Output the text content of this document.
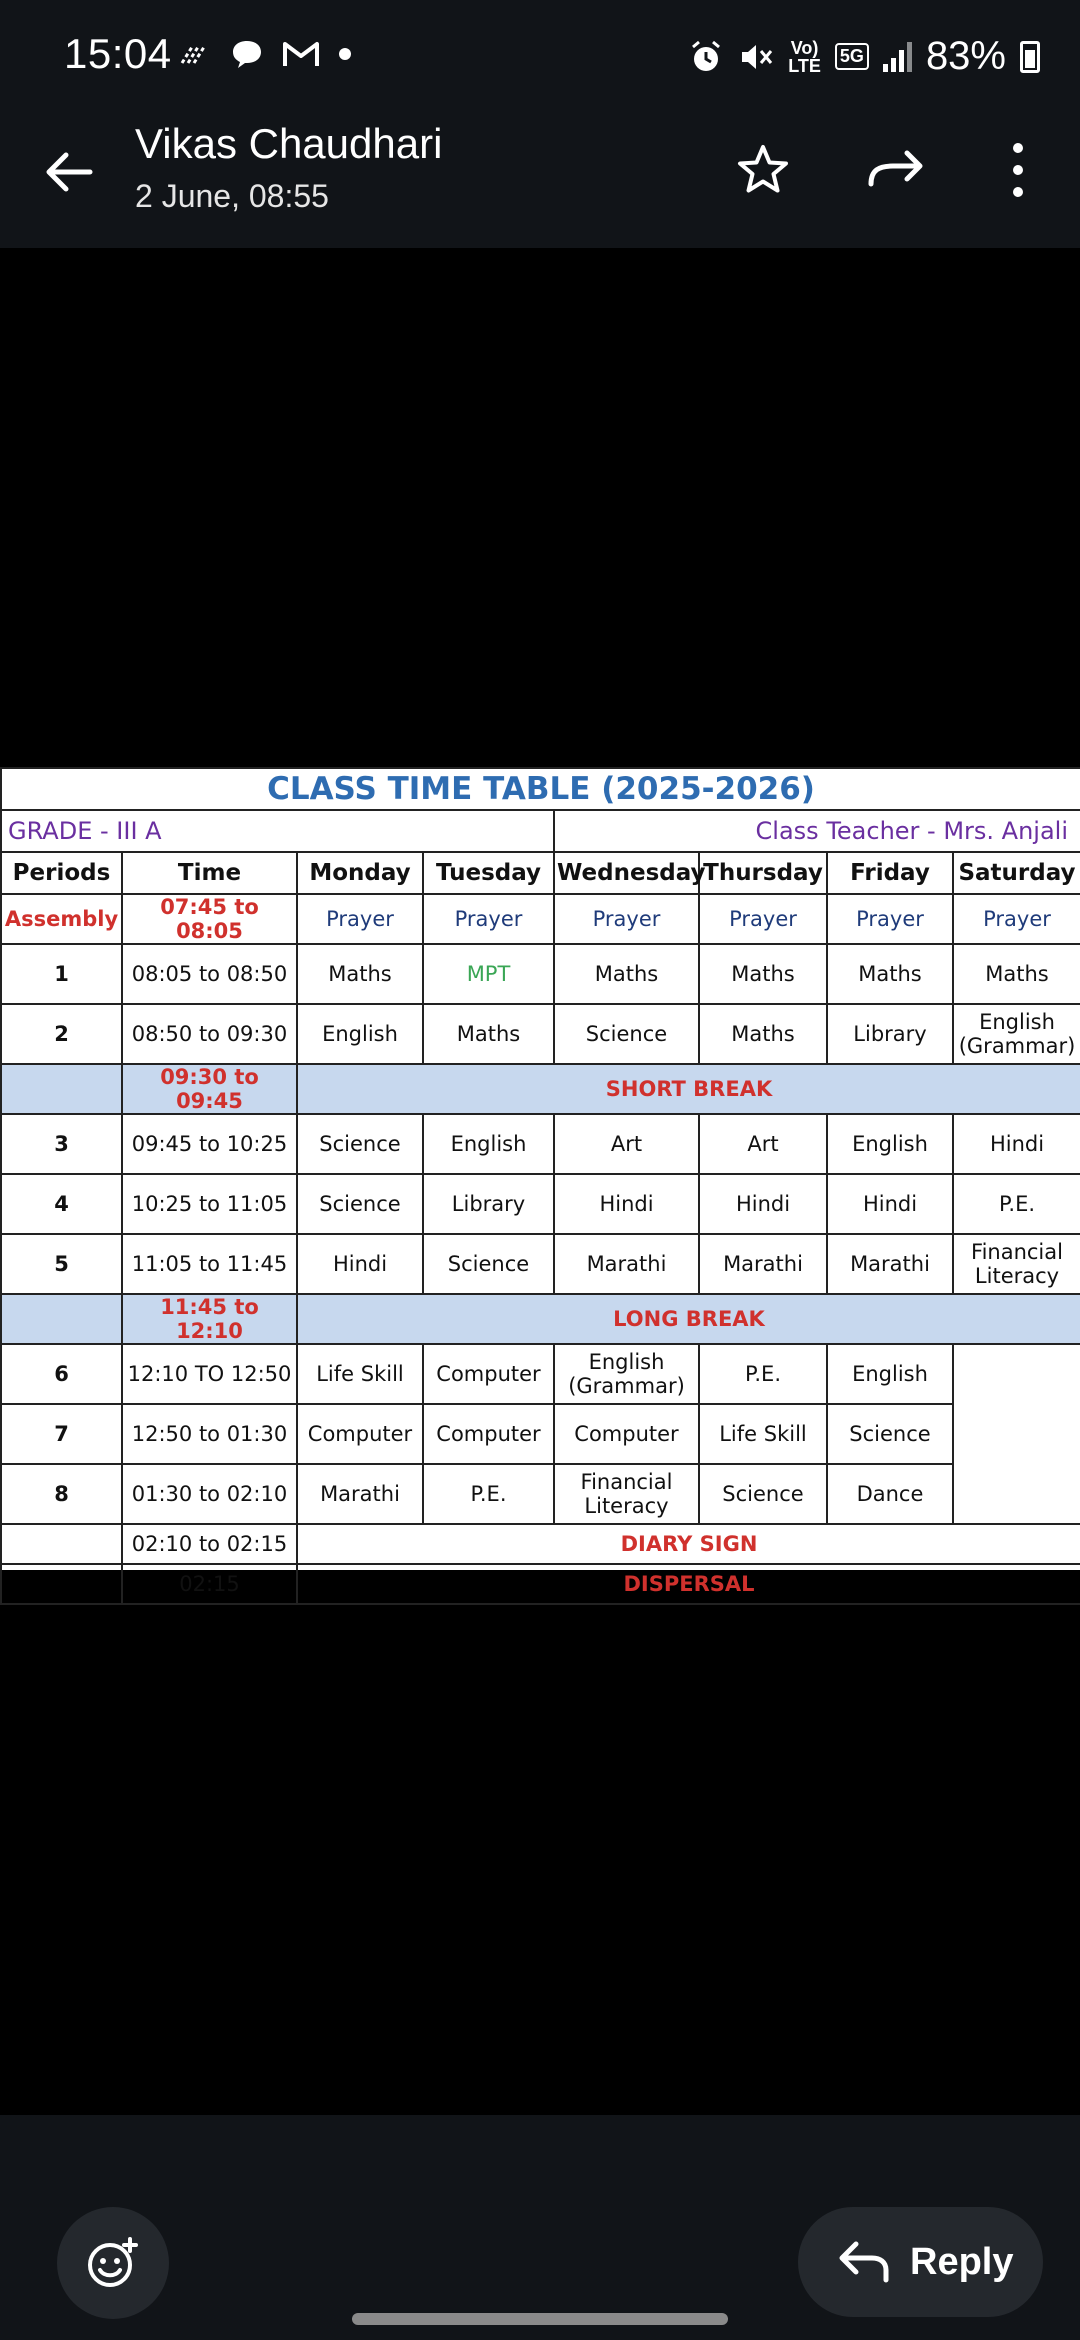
15:04	Vo)
LTE 5G 83%
Vikas Chaudhari
2 June, 08:55
CLASS TIME TABLE (2025-2026)							
GRADE - III A				Class Teacher - Mrs. Anjali			
Periods	Time	Monday	Tuesday	Wednesday	Thursday	Friday	Saturday
Assembly	07:45 to 08:05	Prayer	Prayer	Prayer	Prayer	Prayer	Prayer
1	08:05 to 08:50	Maths	MPT	Maths	Maths	Maths	Maths
2	08:50 to 09:30	English	Maths	Science	Maths	Library	English (Grammar)
	09:30 to 09:45	SHORT BREAK					
3	09:45 to 10:25	Science	English	Art	Art	English	Hindi
4	10:25 to 11:05	Science	Library	Hindi	Hindi	Hindi	P.E.
5	11:05 to 11:45	Hindi	Science	Marathi	Marathi	Marathi	Financial Literacy
	11:45 to 12:10	LONG BREAK					
6	12:10 TO 12:50	Life Skill	Computer	English (Grammar)	P.E.	English	
7	12:50 to 01:30	Computer	Computer	Computer	Life Skill	Science	
8	01:30 to 02:10	Marathi	P.E.	Financial Literacy	Science	Dance	
	02:10 to 02:15	DIARY SIGN					
	02:15	DISPERSAL					
Reply
